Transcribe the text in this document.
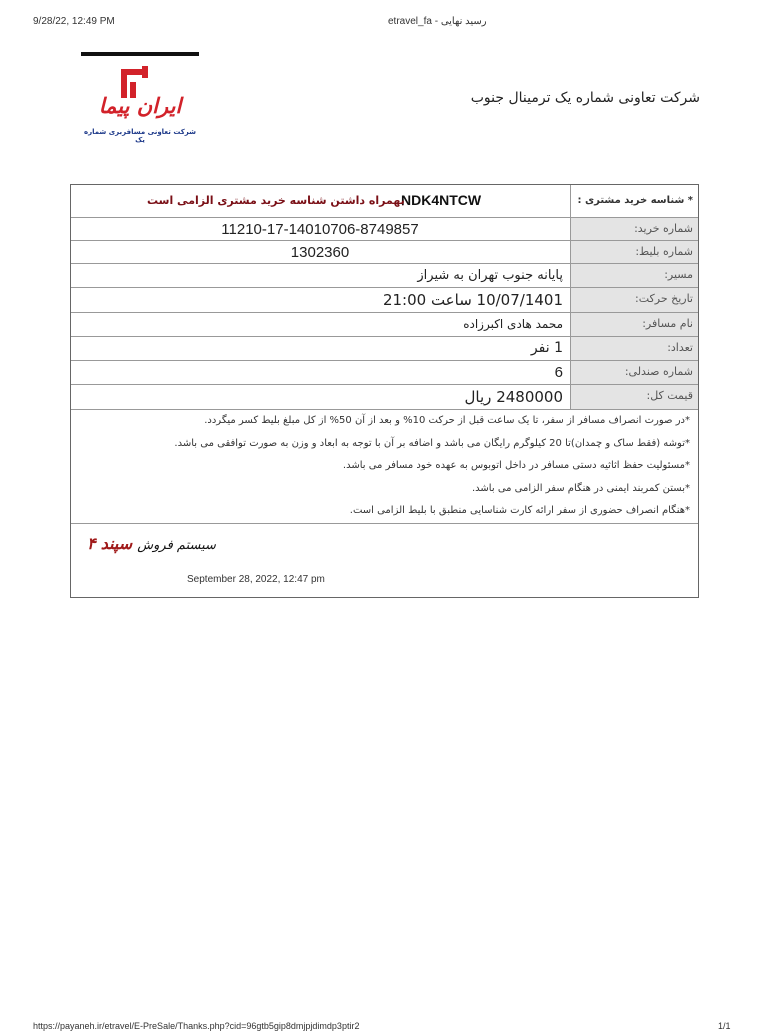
9/28/22, 12:49 PM	etravel_fa - رسید نهایی
ایران پیما
شرکت تعاونی مسافربری شماره یک
شرکت تعاونی شماره یک ترمینال جنوب
* شناسه خرید مشتری :
NDK4NTCW
بهمراه داشتن شناسه خرید مشتری الزامی است
شماره خرید:
11210-17-14010706-8749857
شماره بلیط:
1302360
مسیر:
پایانه جنوب تهران به شیراز
تاریخ حرکت:
10/07/1401 ساعت 21:00
نام مسافر:
محمد هادی اکبرزاده
تعداد:
1 نفر
شماره صندلی:
6
قیمت کل:
2480000 ریال

*در صورت انصراف مسافر از سفر، تا یک ساعت قبل از حرکت 10% و بعد از آن 50% از کل مبلغ بلیط کسر میگردد.

*توشه (فقط ساک و چمدان)تا 20 کیلوگرم رایگان می باشد و اضافه بر آن با توجه به ابعاد و وزن به صورت توافقی می باشد.

*مسئولیت حفظ اثاثیه دستی مسافر در داخل اتوبوس به عهده خود مسافر می باشد.

*بستن کمربند ایمنی در هنگام سفر الزامی می باشد.

*هنگام انصراف حضوری از سفر ارائه کارت شناسایی منطبق با بلیط الزامی است.

سیستم فروش سپند ۴
September 28, 2022, 12:47 pm
https://payaneh.ir/etravel/E-PreSale/Thanks.php?cid=96gtb5gip8dmjpjdimdp3ptir2	1/1
